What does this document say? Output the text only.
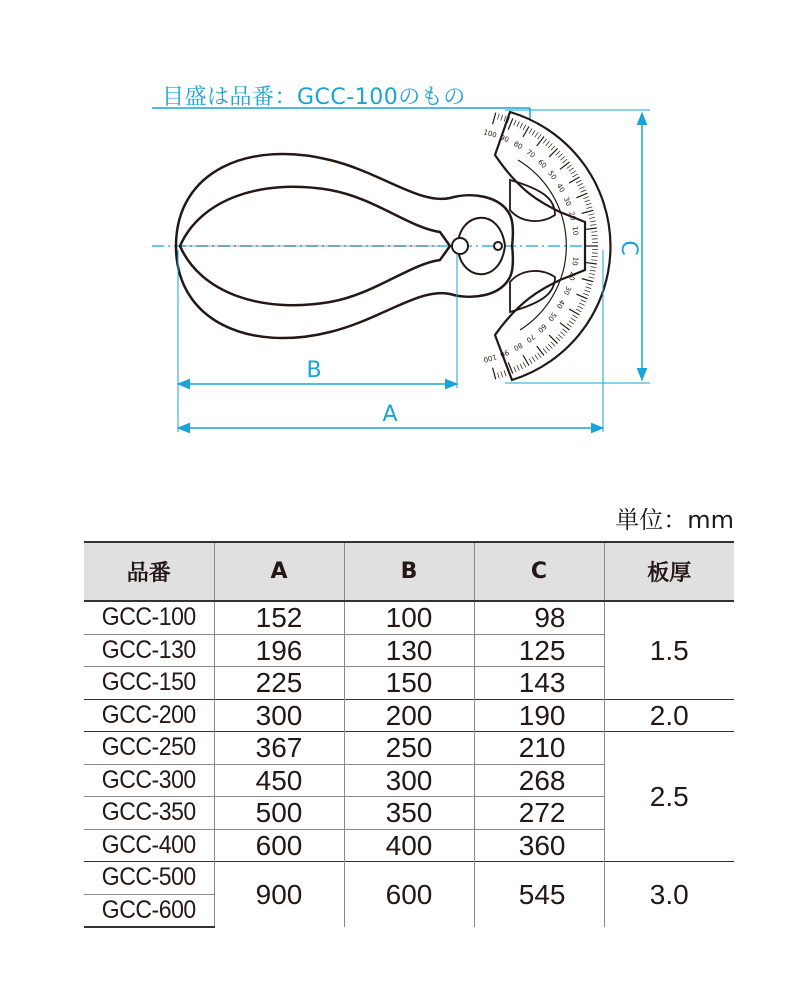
10
10
20
20
30
30
40
40
50
50
60
60
70
70
80
80
90
90
100
100
C
B
A
目盛は品番：GCC-100のもの
単位：mm
品番	A	B	C	板厚
GCC-100	152	100	98	1.5
GCC-130	196	130	125	
GCC-150	225	150	143	
GCC-200	300	200	190	2.0
GCC-250	367	250	210	2.5
GCC-300	450	300	268	
GCC-350	500	350	272	
GCC-400	600	400	360	
GCC-500	900	600	545	3.0
GCC-600				
